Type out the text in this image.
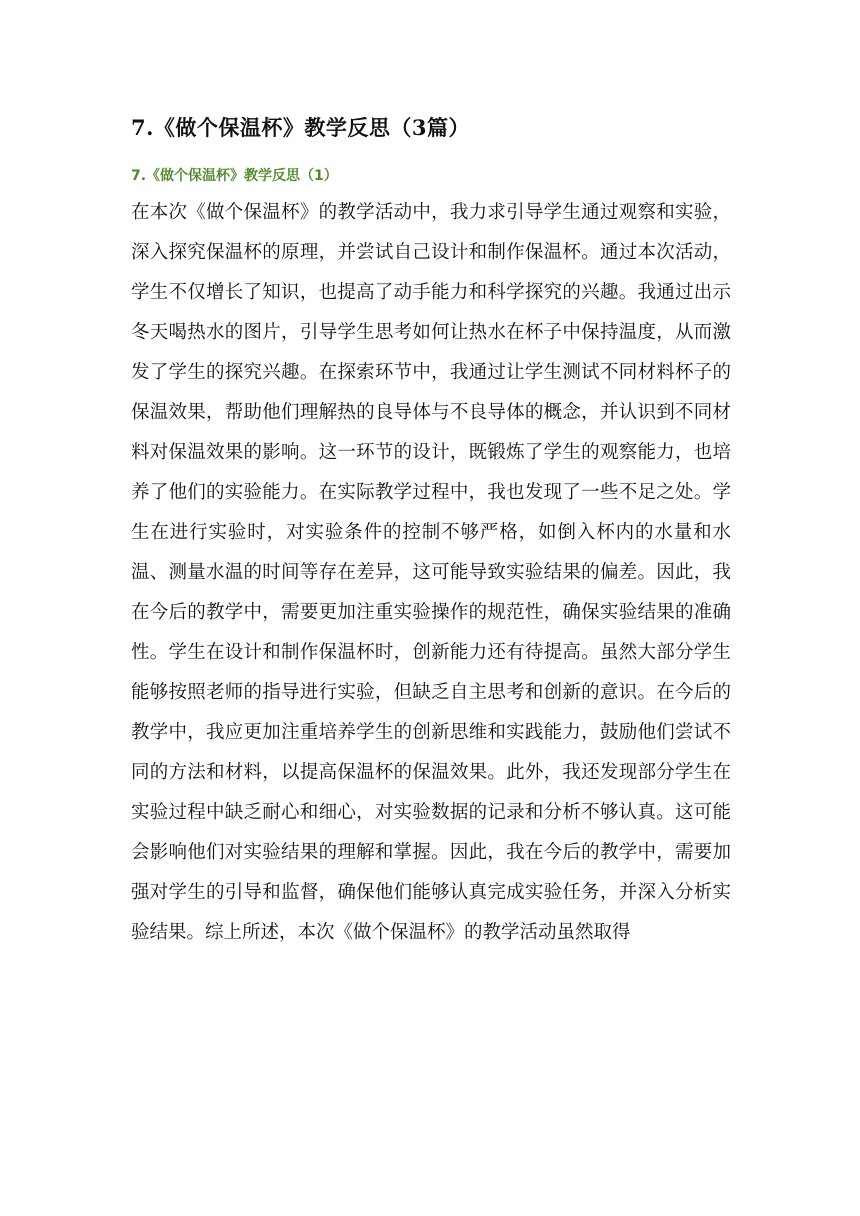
7.《做个保温杯》教学反思（3篇）
7.《做个保温杯》教学反思（1）

在本次《做个保温杯》的教学活动中，我力求引导学生通过观察和实验，深入探究保温杯的原理，并尝试自己设计和制作保温杯。通过本次活动，学生不仅增长了知识，也提高了动手能力和科学探究的兴趣。我通过出示冬天喝热水的图片，引导学生思考如何让热水在杯子中保持温度，从而激发了学生的探究兴趣。在探索环节中，我通过让学生测试不同材料杯子的保温效果，帮助他们理解热的良导体与不良导体的概念，并认识到不同材料对保温效果的影响。这一环节的设计，既锻炼了学生的观察能力，也培养了他们的实验能力。在实际教学过程中，我也发现了一些不足之处。学生在进行实验时，对实验条件的控制不够严格，如倒入杯内的水量和水温、测量水温的时间等存在差异，这可能导致实验结果的偏差。因此，我在今后的教学中，需要更加注重实验操作的规范性，确保实验结果的准确性。学生在设计和制作保温杯时，创新能力还有待提高。虽然大部分学生能够按照老师的指导进行实验，但缺乏自主思考和创新的意识。在今后的教学中，我应更加注重培养学生的创新思维和实践能力，鼓励他们尝试不同的方法和材料，以提高保温杯的保温效果。此外，我还发现部分学生在实验过程中缺乏耐心和细心，对实验数据的记录和分析不够认真。这可能会影响他们对实验结果的理解和掌握。因此，我在今后的教学中，需要加强对学生的引导和监督，确保他们能够认真完成实验任务，并深入分析实验结果。综上所述，本次《做个保温杯》的教学活动虽然取得
